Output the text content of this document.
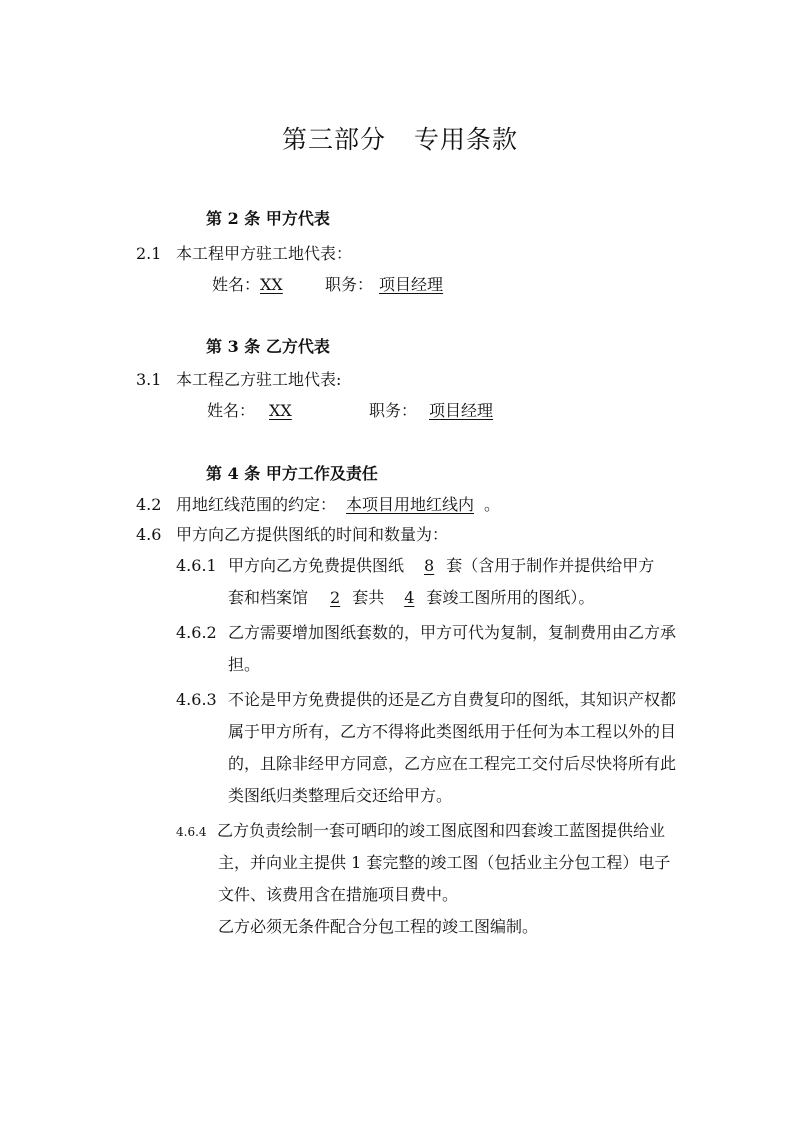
第三部分 专用条款
第 2 条 甲方代表
2.1 本工程甲方驻工地代表：
姓名：XX	职务： 项目经理
第 3 条 乙方代表
3.1 本工程乙方驻工地代表:
姓名： XX	职务： 项目经理
第 4 条 甲方工作及责任
4.2 用地红线范围的约定： 本项目用地红线内 。
4.6 甲方向乙方提供图纸的时间和数量为：
4.6.1 甲方向乙方免费提供图纸 8 套（含用于制作并提供给甲方
套和档案馆 2 套共 4 套竣工图所用的图纸）。
4.6.2 乙方需要增加图纸套数的，甲方可代为复制，复制费用由乙方承
担。
4.6.3 不论是甲方免费提供的还是乙方自费复印的图纸，其知识产权都
属于甲方所有，乙方不得将此类图纸用于任何为本工程以外的目
的，且除非经甲方同意，乙方应在工程完工交付后尽快将所有此
类图纸归类整理后交还给甲方。
4.6.4 乙方负责绘制一套可晒印的竣工图底图和四套竣工蓝图提供给业
主，并向业主提供 1 套完整的竣工图（包括业主分包工程）电子
文件、该费用含在措施项目费中。
乙方必须无条件配合分包工程的竣工图编制。
